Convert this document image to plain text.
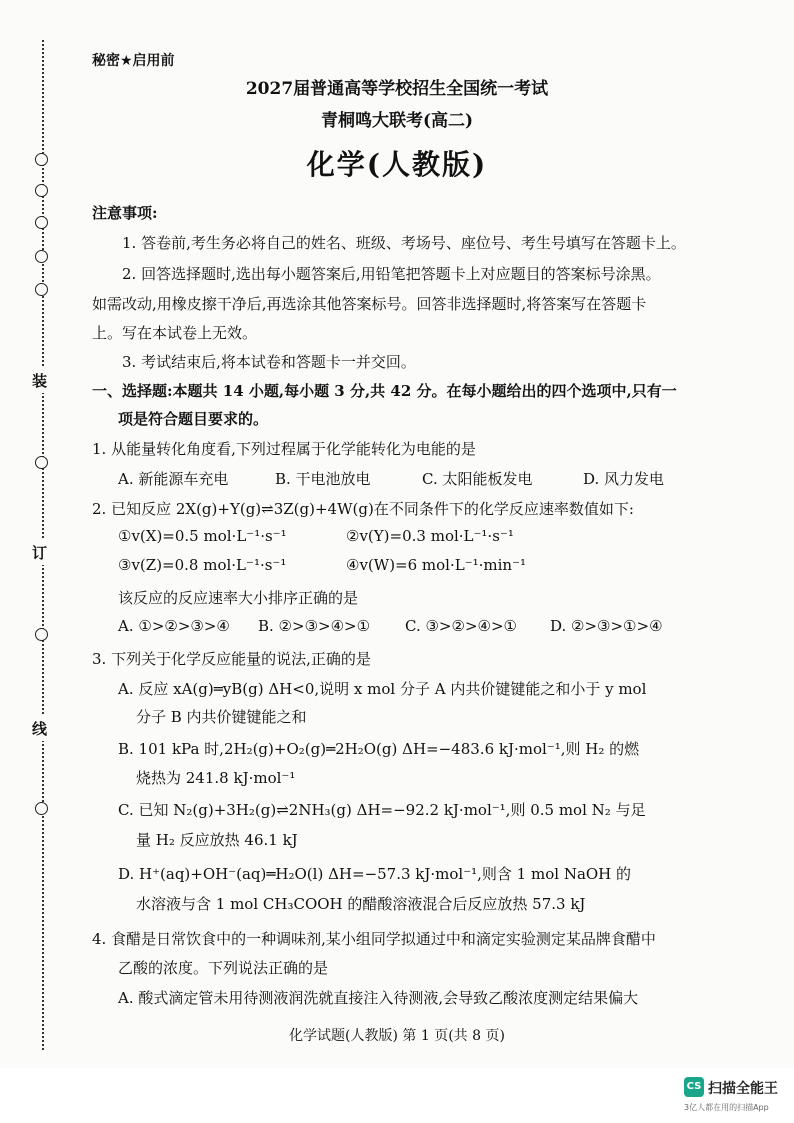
装
订
线
秘密★启用前
2027届普通高等学校招生全国统一考试
青桐鸣大联考(高二)
化学(人教版)
注意事项:
1. 答卷前,考生务必将自己的姓名、班级、考场号、座位号、考生号填写在答题卡上。
2. 回答选择题时,选出每小题答案后,用铅笔把答题卡上对应题目的答案标号涂黑。
如需改动,用橡皮擦干净后,再选涂其他答案标号。回答非选择题时,将答案写在答题卡
上。写在本试卷上无效。
3. 考试结束后,将本试卷和答题卡一并交回。
一、选择题:本题共 14 小题,每小题 3 分,共 42 分。在每小题给出的四个选项中,只有一
项是符合题目要求的。
1. 从能量转化角度看,下列过程属于化学能转化为电能的是
A. 新能源车充电	B. 干电池放电	C. 太阳能板发电	D. 风力发电
2. 已知反应 2X(g)+Y(g)⇌3Z(g)+4W(g)在不同条件下的化学反应速率数值如下:
①v(X)=0.5 mol·L⁻¹·s⁻¹	②v(Y)=0.3 mol·L⁻¹·s⁻¹
③v(Z)=0.8 mol·L⁻¹·s⁻¹	④v(W)=6 mol·L⁻¹·min⁻¹
该反应的反应速率大小排序正确的是
A. ①>②>③>④ B. ②>③>④>① C. ③>②>④>① D. ②>③>①>④
3. 下列关于化学反应能量的说法,正确的是
A. 反应 xA(g)═yB(g) ΔH<0,说明 x mol 分子 A 内共价键键能之和小于 y mol
分子 B 内共价键键能之和
B. 101 kPa 时,2H₂(g)+O₂(g)═2H₂O(g) ΔH=−483.6 kJ·mol⁻¹,则 H₂ 的燃
烧热为 241.8 kJ·mol⁻¹
C. 已知 N₂(g)+3H₂(g)⇌2NH₃(g) ΔH=−92.2 kJ·mol⁻¹,则 0.5 mol N₂ 与足
量 H₂ 反应放热 46.1 kJ
D. H⁺(aq)+OH⁻(aq)═H₂O(l) ΔH=−57.3 kJ·mol⁻¹,则含 1 mol NaOH 的
水溶液与含 1 mol CH₃COOH 的醋酸溶液混合后反应放热 57.3 kJ
4. 食醋是日常饮食中的一种调味剂,某小组同学拟通过中和滴定实验测定某品牌食醋中
乙酸的浓度。下列说法正确的是
A. 酸式滴定管未用待测液润洗就直接注入待测液,会导致乙酸浓度测定结果偏大
化学试题(人教版) 第 1 页(共 8 页)
CS 扫描全能王
3亿人都在用的扫描App
